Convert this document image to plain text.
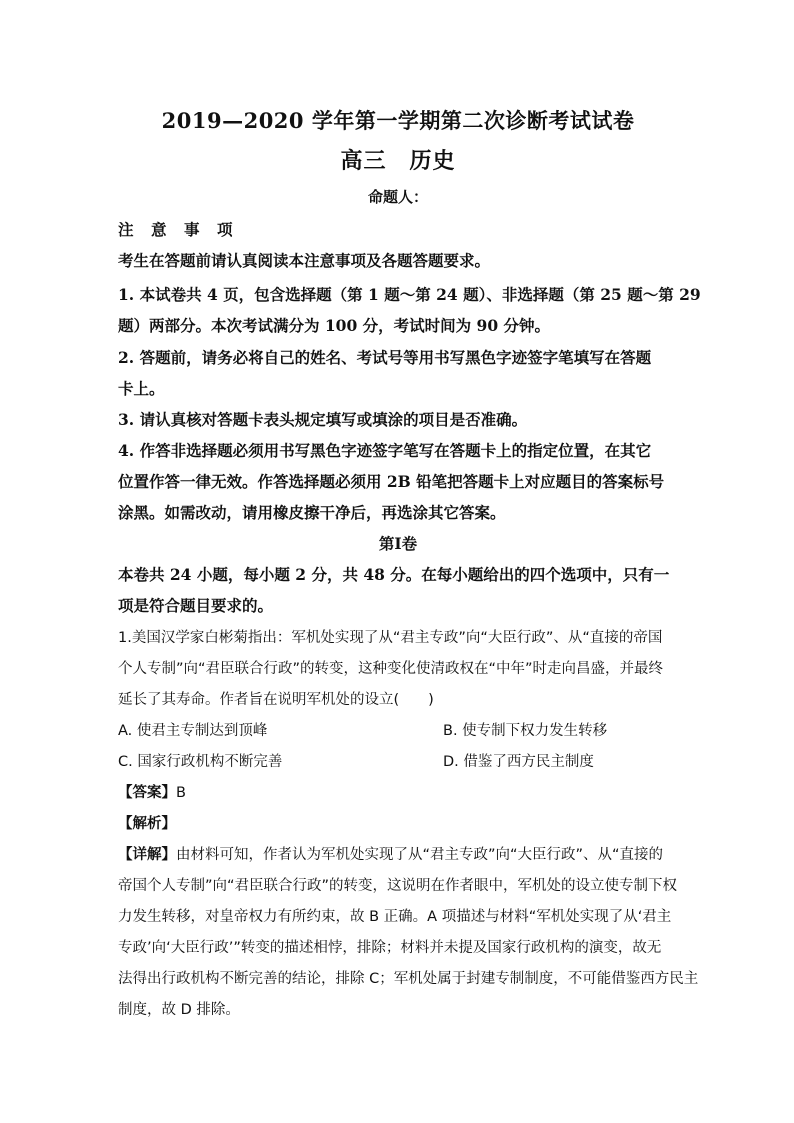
2019—2020 学年第一学期第二次诊断考试试卷
高三　历史
命题人：
注　意　事　项
考生在答题前请认真阅读本注意事项及各题答题要求。
1. 本试卷共 4 页，包含选择题（第 1 题～第 24 题）、非选择题（第 25 题～第 29
题）两部分。本次考试满分为 100 分，考试时间为 90 分钟。
2. 答题前，请务必将自己的姓名、考试号等用书写黑色字迹签字笔填写在答题
卡上。
3. 请认真核对答题卡表头规定填写或填涂的项目是否准确。
4. 作答非选择题必须用书写黑色字迹签字笔写在答题卡上的指定位置，在其它
位置作答一律无效。作答选择题必须用 2B 铅笔把答题卡上对应题目的答案标号
涂黑。如需改动，请用橡皮擦干净后，再选涂其它答案。
第Ⅰ卷
本卷共 24 小题，每小题 2 分，共 48 分。在每小题给出的四个选项中，只有一
项是符合题目要求的。
1.美国汉学家白彬菊指出：军机处实现了从“君主专政”向“大臣行政”、从“直接的帝国
个人专制”向“君臣联合行政”的转变，这种变化使清政权在“中年”时走向昌盛，并最终
延长了其寿命。作者旨在说明军机处的设立(　　)
A. 使君主专制达到顶峰	B. 使专制下权力发生转移
C. 国家行政机构不断完善	D. 借鉴了西方民主制度
【答案】B
【解析】
【详解】由材料可知，作者认为军机处实现了从“君主专政”向“大臣行政”、从“直接的
帝国个人专制”向“君臣联合行政”的转变，这说明在作者眼中，军机处的设立使专制下权
力发生转移，对皇帝权力有所约束，故 B 正确。A 项描述与材料“军机处实现了从‘君主
专政’向‘大臣行政’”转变的描述相悖，排除；材料并未提及国家行政机构的演变，故无
法得出行政机构不断完善的结论，排除 C；军机处属于封建专制制度，不可能借鉴西方民主
制度，故 D 排除。
